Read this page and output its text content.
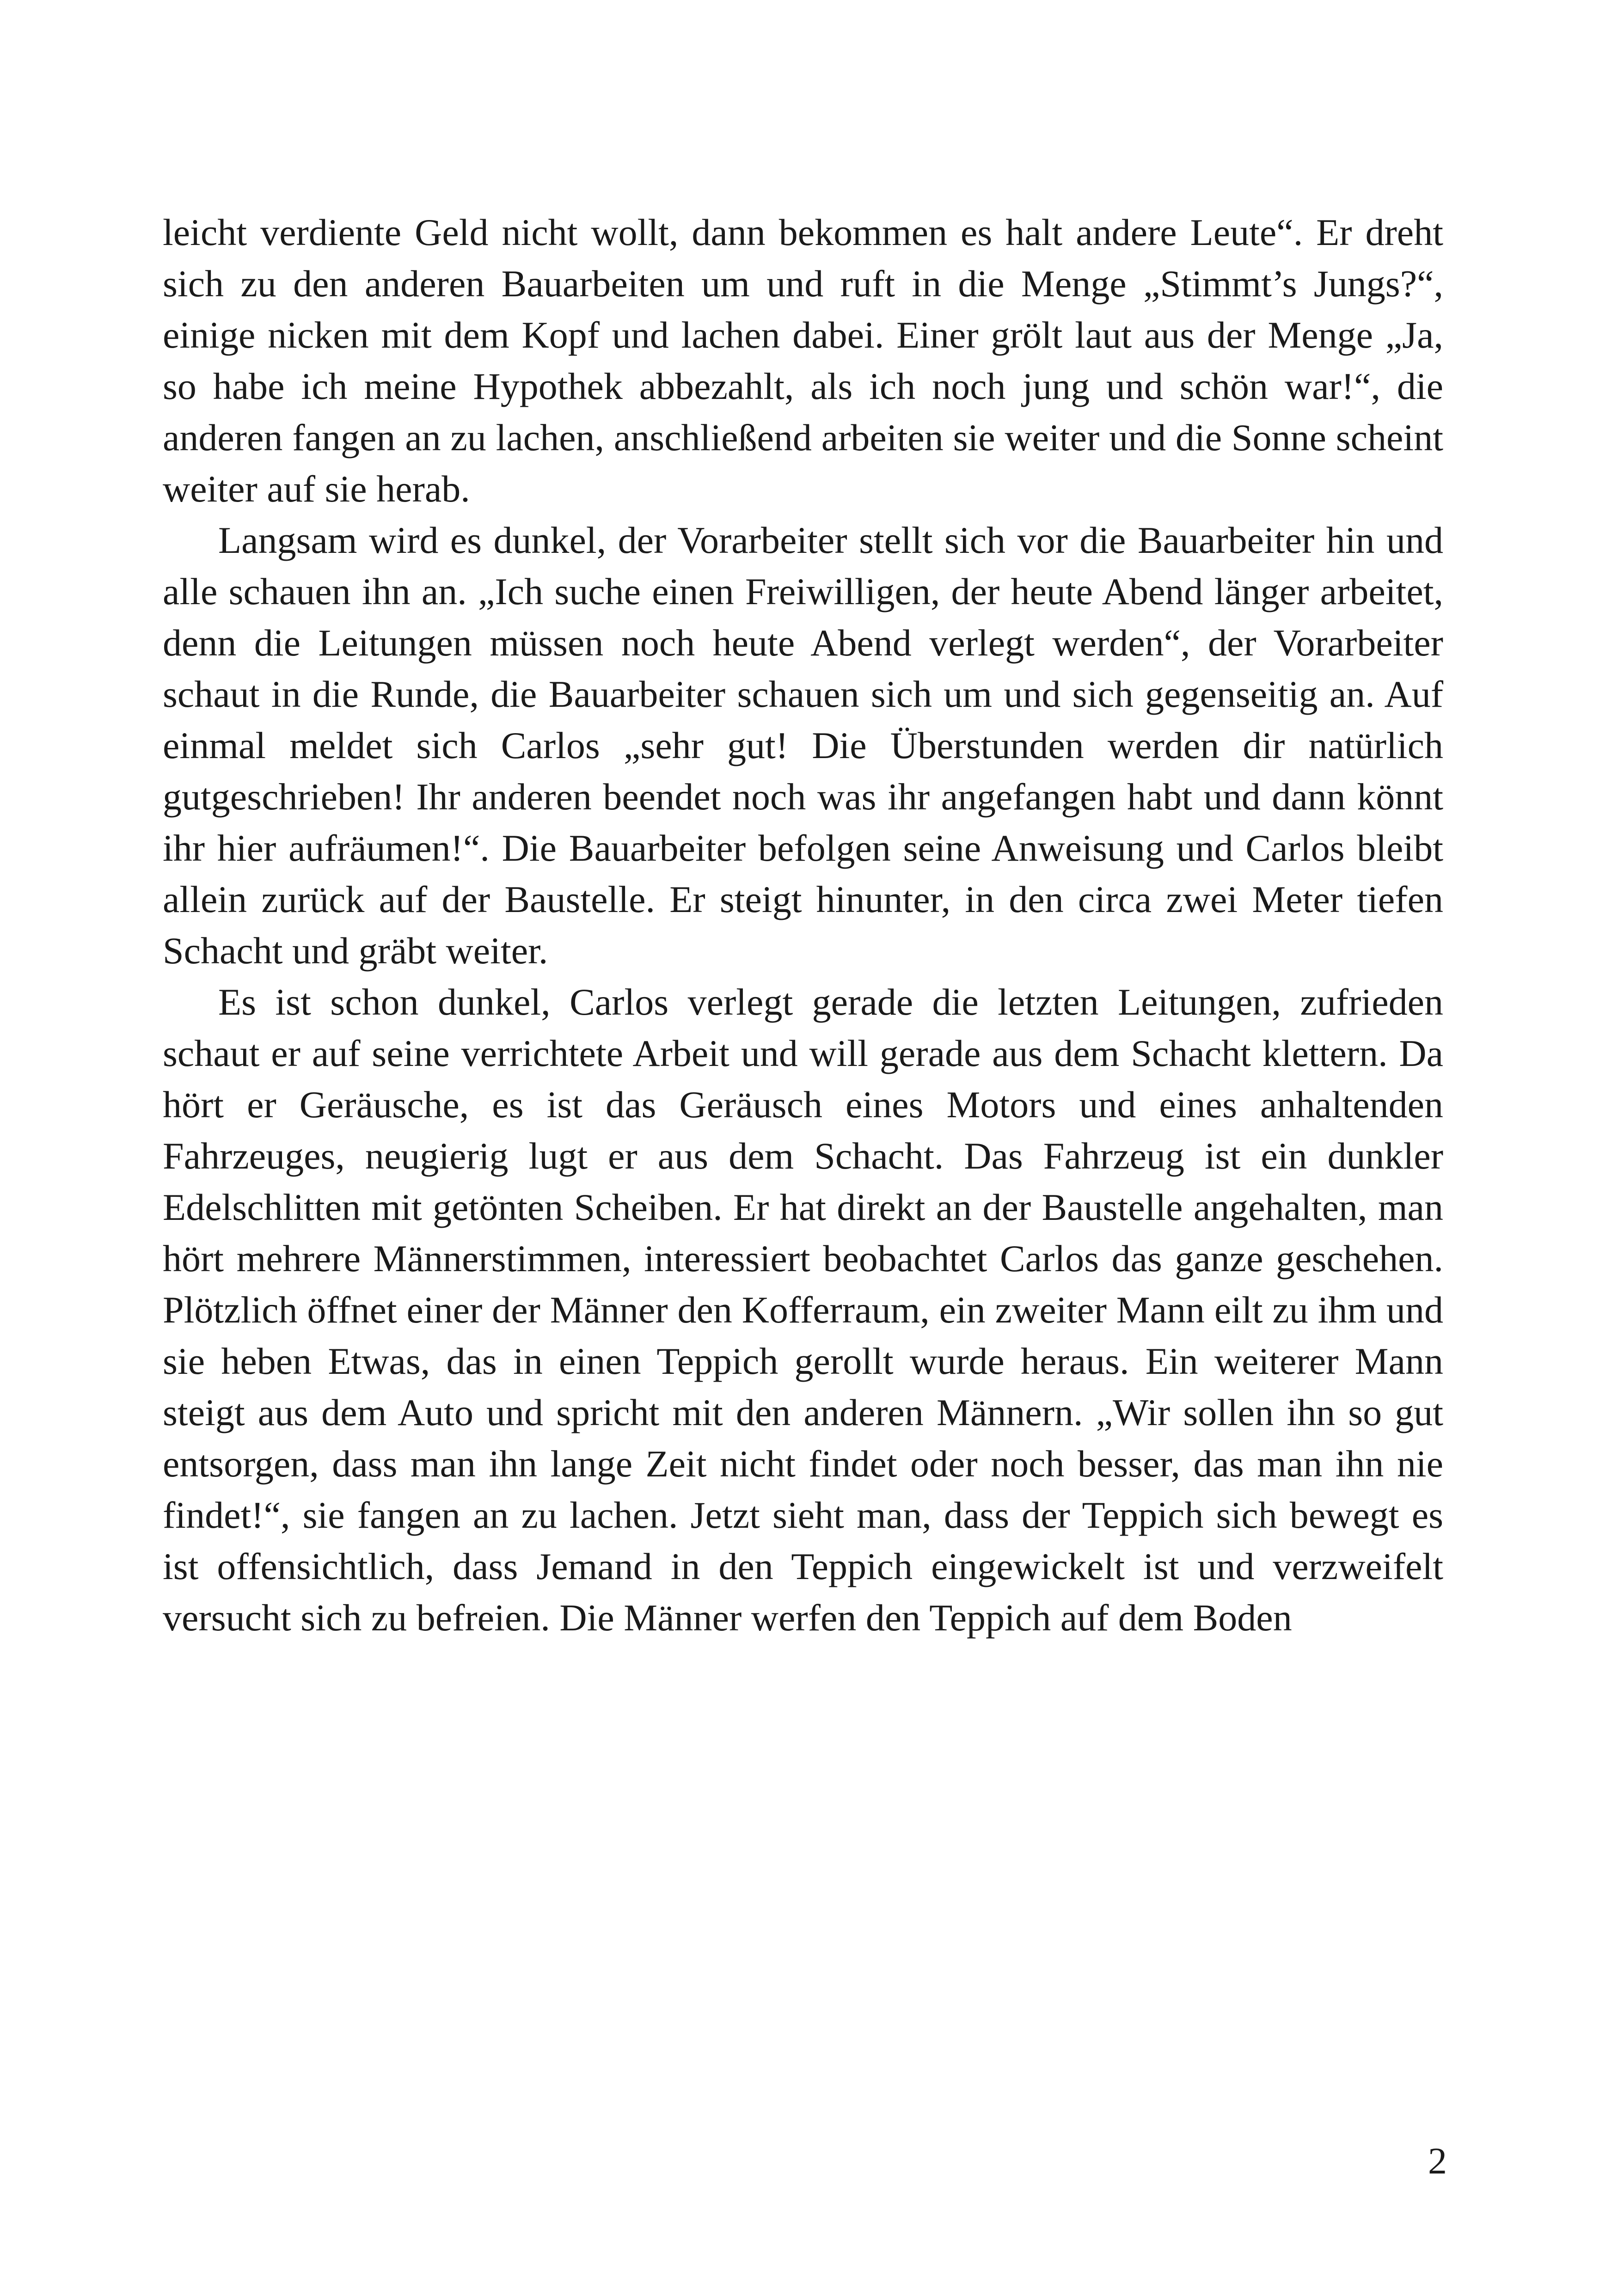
leicht verdiente Geld nicht wollt, dann bekommen es halt andere Leute“. Er dreht sich zu den anderen Bauarbeiten um und ruft in die Menge „Stimmt’s Jungs?“, einige nicken mit dem Kopf und lachen dabei. Einer grölt laut aus der Menge „Ja, so habe ich meine Hypothek abbezahlt, als ich noch jung und schön war!“, die anderen fangen an zu lachen, anschließend arbeiten sie weiter und die Sonne scheint weiter auf sie herab.

Langsam wird es dunkel, der Vorarbeiter stellt sich vor die Bauarbeiter hin und alle schauen ihn an. „Ich suche einen Freiwilligen, der heute Abend länger arbeitet, denn die Leitungen müssen noch heute Abend verlegt werden“, der Vorarbeiter schaut in die Runde, die Bauarbeiter schauen sich um und sich gegenseitig an. Auf einmal meldet sich Carlos „sehr gut! Die Überstunden werden dir natürlich gutgeschrieben! Ihr anderen beendet noch was ihr angefangen habt und dann könnt ihr hier aufräumen!“. Die Bauarbeiter befolgen seine Anweisung und Carlos bleibt allein zurück auf der Baustelle. Er steigt hinunter, in den circa zwei Meter tiefen Schacht und gräbt weiter.

Es ist schon dunkel, Carlos verlegt gerade die letzten Leitungen, zufrieden schaut er auf seine verrichtete Arbeit und will gerade aus dem Schacht klettern. Da hört er Geräusche, es ist das Geräusch eines Motors und eines anhaltenden Fahrzeuges, neugierig lugt er aus dem Schacht. Das Fahrzeug ist ein dunkler Edelschlitten mit getönten Scheiben. Er hat direkt an der Baustelle angehalten, man hört mehrere Männerstimmen, interessiert beobachtet Carlos das ganze geschehen. Plötzlich öffnet einer der Männer den Kofferraum, ein zweiter Mann eilt zu ihm und sie heben Etwas, das in einen Teppich gerollt wurde heraus. Ein weiterer Mann steigt aus dem Auto und spricht mit den anderen Männern. „Wir sollen ihn so gut entsorgen, dass man ihn lange Zeit nicht findet oder noch besser, das man ihn nie findet!“, sie fangen an zu lachen. Jetzt sieht man, dass der Teppich sich bewegt es ist offensichtlich, dass Jemand in den Teppich eingewickelt ist und verzweifelt versucht sich zu befreien. Die Männer werfen den Teppich auf dem Boden

2
